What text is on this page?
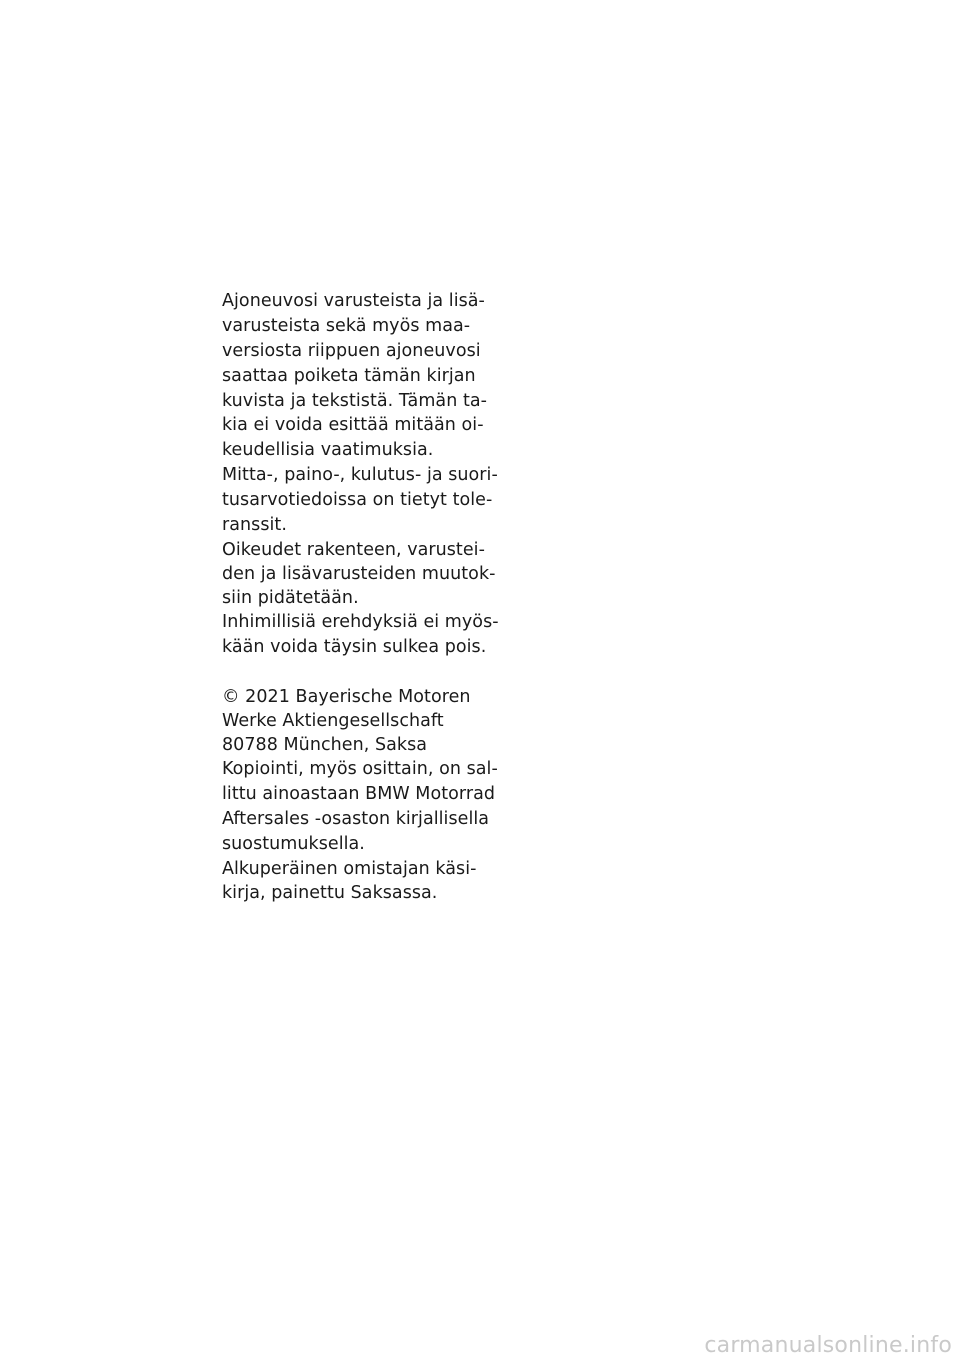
Ajoneuvosi varusteista ja lisä-
varusteista sekä myös maa-
versiosta riippuen ajoneuvosi
saattaa poiketa tämän kirjan
kuvista ja tekstistä. Tämän ta-
kia ei voida esittää mitään oi-
keudellisia vaatimuksia.
Mitta-, paino-, kulutus- ja suori-
tusarvotiedoissa on tietyt tole-
ranssit.
Oikeudet rakenteen, varustei-
den ja lisävarusteiden muutok-
siin pidätetään.
Inhimillisiä erehdyksiä ei myös-
kään voida täysin sulkea pois.
© 2021 Bayerische Motoren
Werke Aktiengesellschaft
80788 München, Saksa
Kopiointi, myös osittain, on sal-
littu ainoastaan BMW Motorrad
Aftersales -osaston kirjallisella
suostumuksella.
Alkuperäinen omistajan käsi-
kirja, painettu Saksassa.
carmanualsonline.info
